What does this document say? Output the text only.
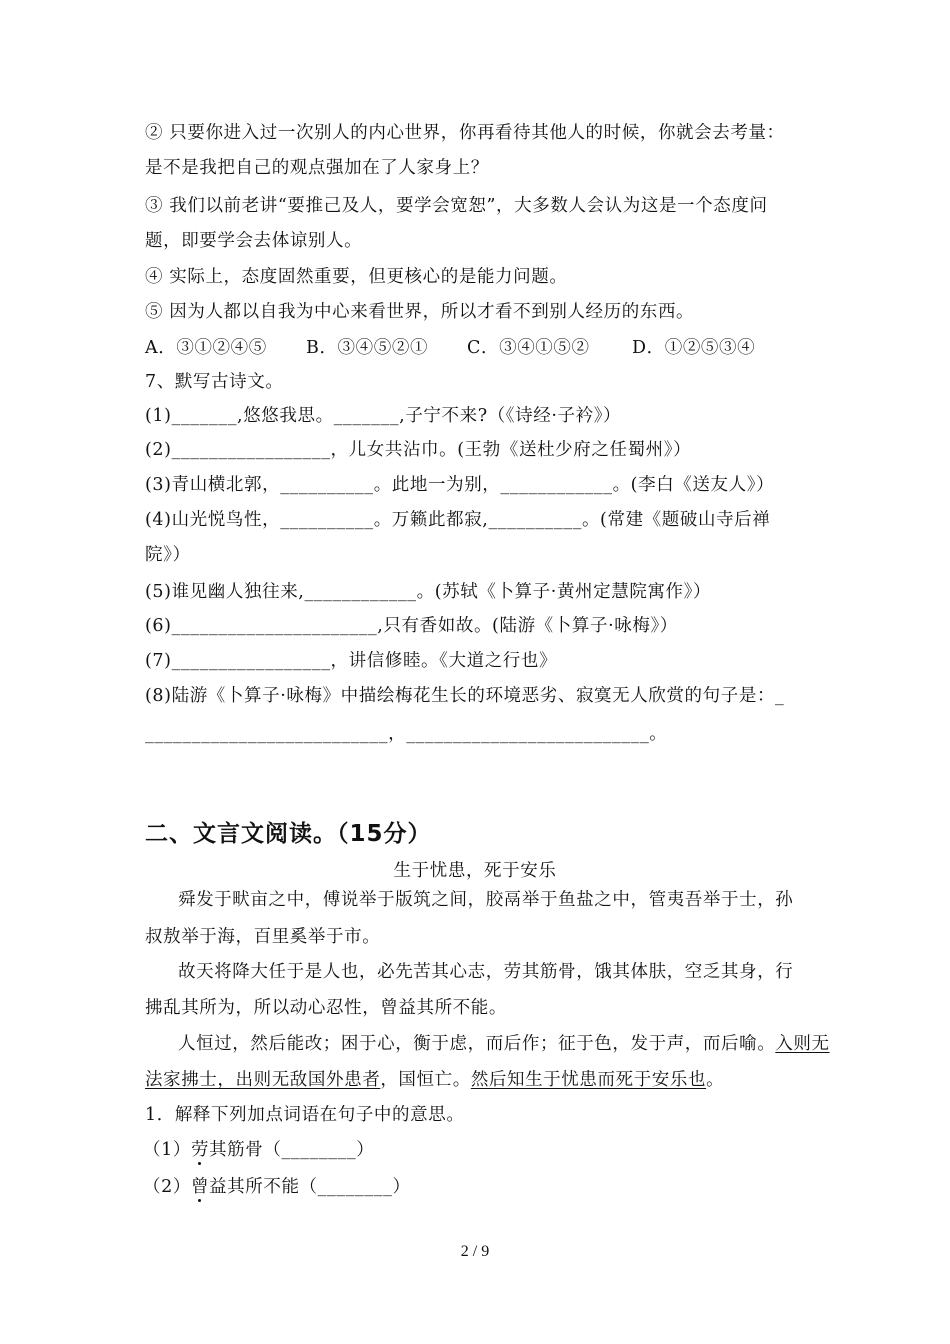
② 只要你进入过一次别人的内心世界，你再看待其他人的时候，你就会去考量：
是不是我把自己的观点强加在了人家身上？
③ 我们以前老讲“要推己及人，要学会宽恕”，大多数人会认为这是一个态度问
题，即要学会去体谅别人。
④ 实际上，态度固然重要，但更核心的是能力问题。
⑤ 因为人都以自我为中心来看世界，所以才看不到别人经历的东西。
A．③①②④⑤ B．③④⑤②① C．③④①⑤② D．①②⑤③④
7、默写古诗文。
(1)_______,悠悠我思。_______,子宁不来?（《诗经·子衿》）
(2)_________________，儿女共沾巾。(王勃《送杜少府之任蜀州》）
(3)青山横北郭，__________。此地一为别，____________。(李白《送友人》）
(4)山光悦鸟性，__________。万籁此都寂,__________。(常建《题破山寺后禅
院》）
(5)谁见幽人独往来,____________。(苏轼《卜算子·黄州定慧院寓作》）
(6)______________________,只有香如故。(陆游《卜算子·咏梅》）
(7)_________________，讲信修睦。《大道之行也》
(8)陆游《卜算子·咏梅》中描绘梅花生长的环境恶劣、寂寞无人欣赏的句子是：_
__________________________，__________________________。
二、文言文阅读。（15分）
生于忧患，死于安乐
舜发于畎亩之中，傅说举于版筑之间，胶鬲举于鱼盐之中，管夷吾举于士，孙
叔敖举于海，百里奚举于市。
故天将降大任于是人也，必先苦其心志，劳其筋骨，饿其体肤，空乏其身，行
拂乱其所为，所以动心忍性，曾益其所不能。
人恒过，然后能改；困于心，衡于虑，而后作；征于色，发于声，而后喻。入则无
法家拂士，出则无敌国外患者，国恒亡。然后知生于忧患而死于安乐也。
1．解释下列加点词语在句子中的意思。
（1）劳其筋骨（________）
（2）曾益其所不能（________）
2 / 9
